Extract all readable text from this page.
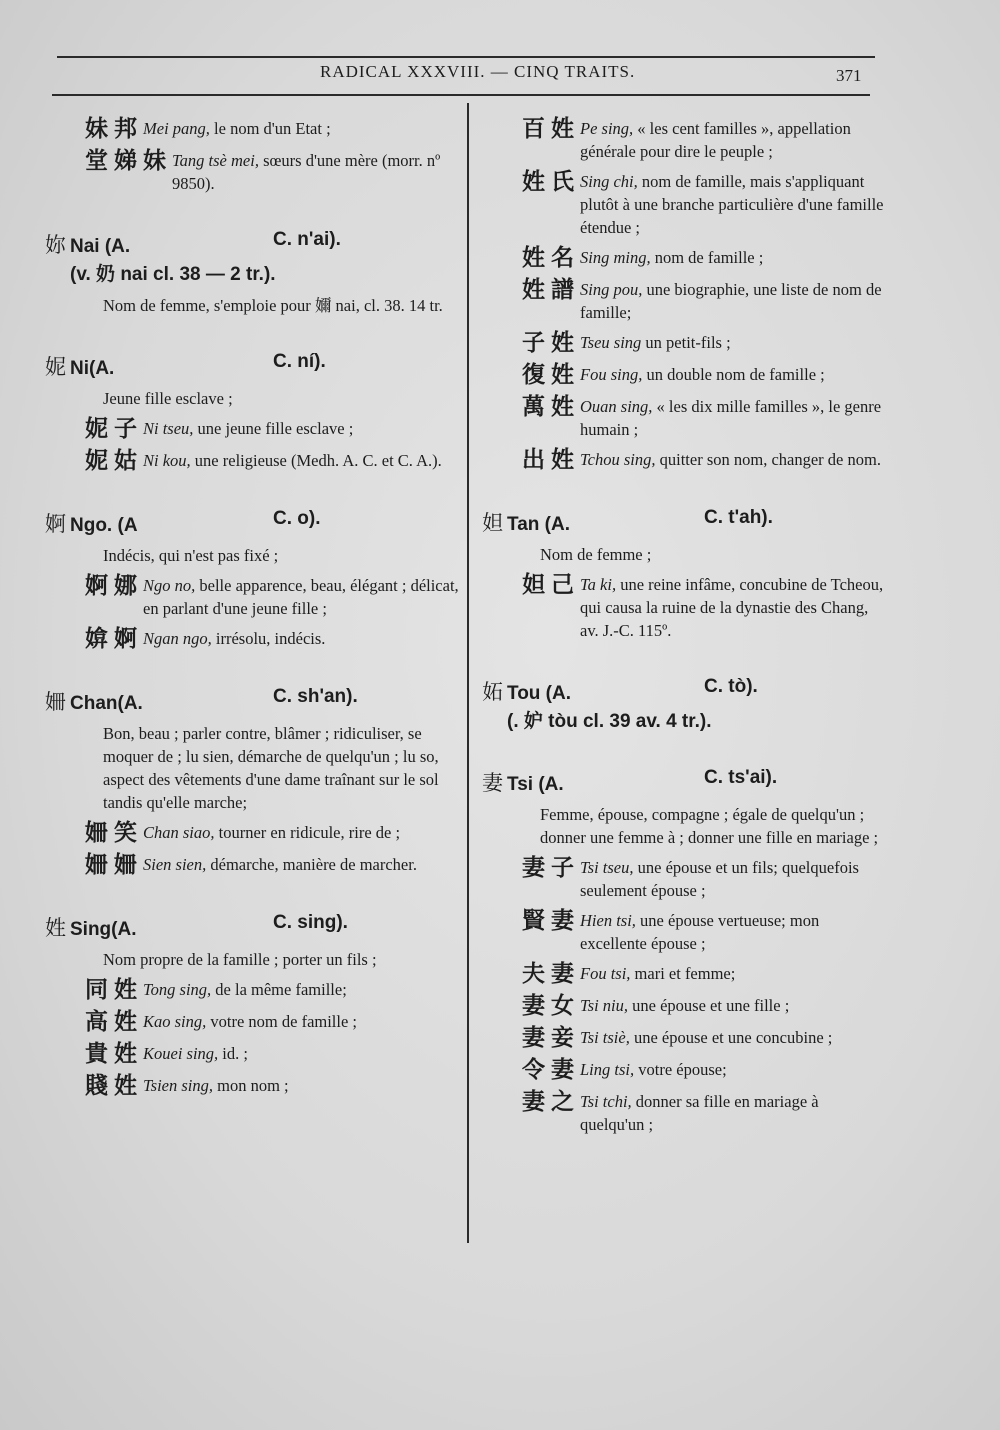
RADICAL XXXVIII. — CINQ TRAITS.	371
妹邦 Mei pang, le nom d'un Etat ;
堂娣妹 Tang tsè mei, sœurs d'une mère (morr. nº 9850).
妳 Nai (A.	C. n'ai).
(v. 奶 nai cl. 38 — 2 tr.).
Nom de femme, s'emploie pour 嬭 nai, cl. 38. 14 tr.
妮 Ni(A.	C. ní).
Jeune fille esclave ;
妮子 Ni tseu, une jeune fille esclave ;
妮姑 Ni kou, une religieuse (Medh. A. C. et C. A.).
婀 Ngo. (A	C. o).
Indécis, qui n'est pas fixé ;
婀娜 Ngo no, belle apparence, beau, élégant ; délicat, en parlant d'une jeune fille ;
媕婀 Ngan ngo, irrésolu, indécis.
姍 Chan(A.	C. sh'an).
Bon, beau ; parler contre, blâmer ; ridiculiser, se moquer de ; lu sien, démarche de quelqu'un ; lu so, aspect des vêtements d'une dame traînant sur le sol tandis qu'elle marche;
姍笑 Chan siao, tourner en ridicule, rire de ;
姍姍 Sien sien, démarche, manière de marcher.
姓 Sing(A.	C. sing).
Nom propre de la famille ; porter un fils ;
同姓 Tong sing, de la même famille;
高姓 Kao sing, votre nom de famille ;
貴姓 Kouei sing, id. ;
賤姓 Tsien sing, mon nom ;
百姓 Pe sing, « les cent familles », appellation générale pour dire le peuple ;
姓氏 Sing chi, nom de famille, mais s'appliquant plutôt à une branche particulière d'une famille étendue ;
姓名 Sing ming, nom de famille ;
姓譜 Sing pou, une biographie, une liste de nom de famille;
子姓 Tseu sing un petit-fils ;
復姓 Fou sing, un double nom de famille ;
萬姓 Ouan sing, « les dix mille familles », le genre humain ;
出姓 Tchou sing, quitter son nom, changer de nom.
妲 Tan (A.	C. t'ah).
Nom de femme ;
妲己 Ta ki, une reine infâme, concubine de Tcheou, qui causa la ruine de la dynastie des Chang, av. J.-C. 115º.
妬 Tou (A.	C. tò).
(. 妒 tòu cl. 39 av. 4 tr.).
妻 Tsi (A.	C. ts'ai).
Femme, épouse, compagne ; égale de quelqu'un ; donner une femme à ; donner une fille en mariage ;
妻子 Tsi tseu, une épouse et un fils; quelquefois seulement épouse ;
賢妻 Hien tsi, une épouse vertueuse; mon excellente épouse ;
夫妻 Fou tsi, mari et femme;
妻女 Tsi niu, une épouse et une fille ;
妻妾 Tsi tsiè, une épouse et une concubine ;
令妻 Ling tsi, votre épouse;
妻之 Tsi tchi, donner sa fille en mariage à quelqu'un ;
